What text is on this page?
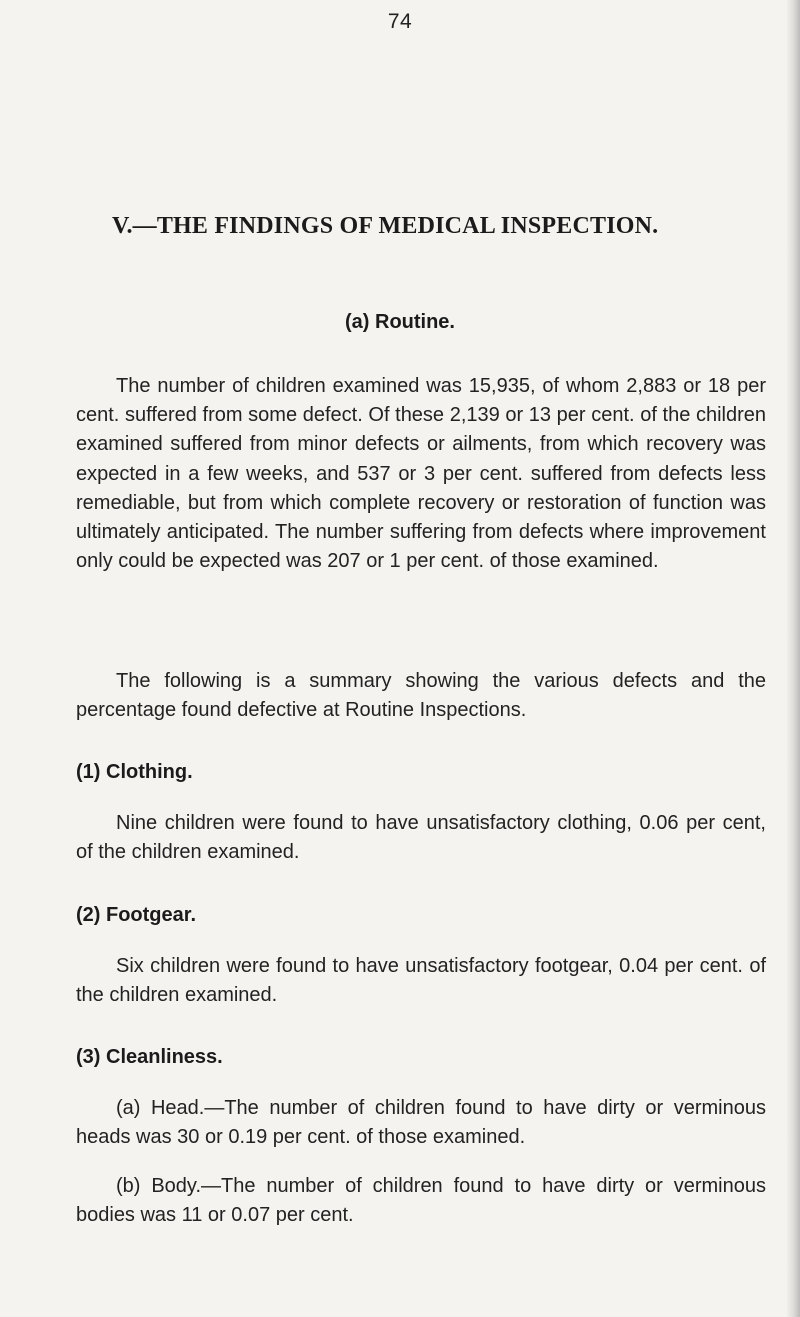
74
V.—THE FINDINGS OF MEDICAL INSPECTION.
(a) Routine.

The number of children examined was 15,935, of whom 2,883 or 18 per cent. suffered from some defect. Of these 2,139 or 13 per cent. of the children examined suffered from minor defects or ailments, from which recovery was expected in a few weeks, and 537 or 3 per cent. suffered from defects less remediable, but from which complete recovery or restoration of function was ultimately anticipated. The number suffering from defects where improvement only could be expected was 207 or 1 per cent. of those examined.

The following is a summary showing the various defects and the percentage found defective at Routine Inspections.

(1) Clothing.

Nine children were found to have unsatisfactory clothing, 0.06 per cent, of the children examined.

(2) Footgear.

Six children were found to have unsatisfactory footgear, 0.04 per cent. of the children examined.

(3) Cleanliness.

(a) Head.—The number of children found to have dirty or verminous heads was 30 or 0.19 per cent. of those examined.

(b) Body.—The number of children found to have dirty or verminous bodies was 11 or 0.07 per cent.
